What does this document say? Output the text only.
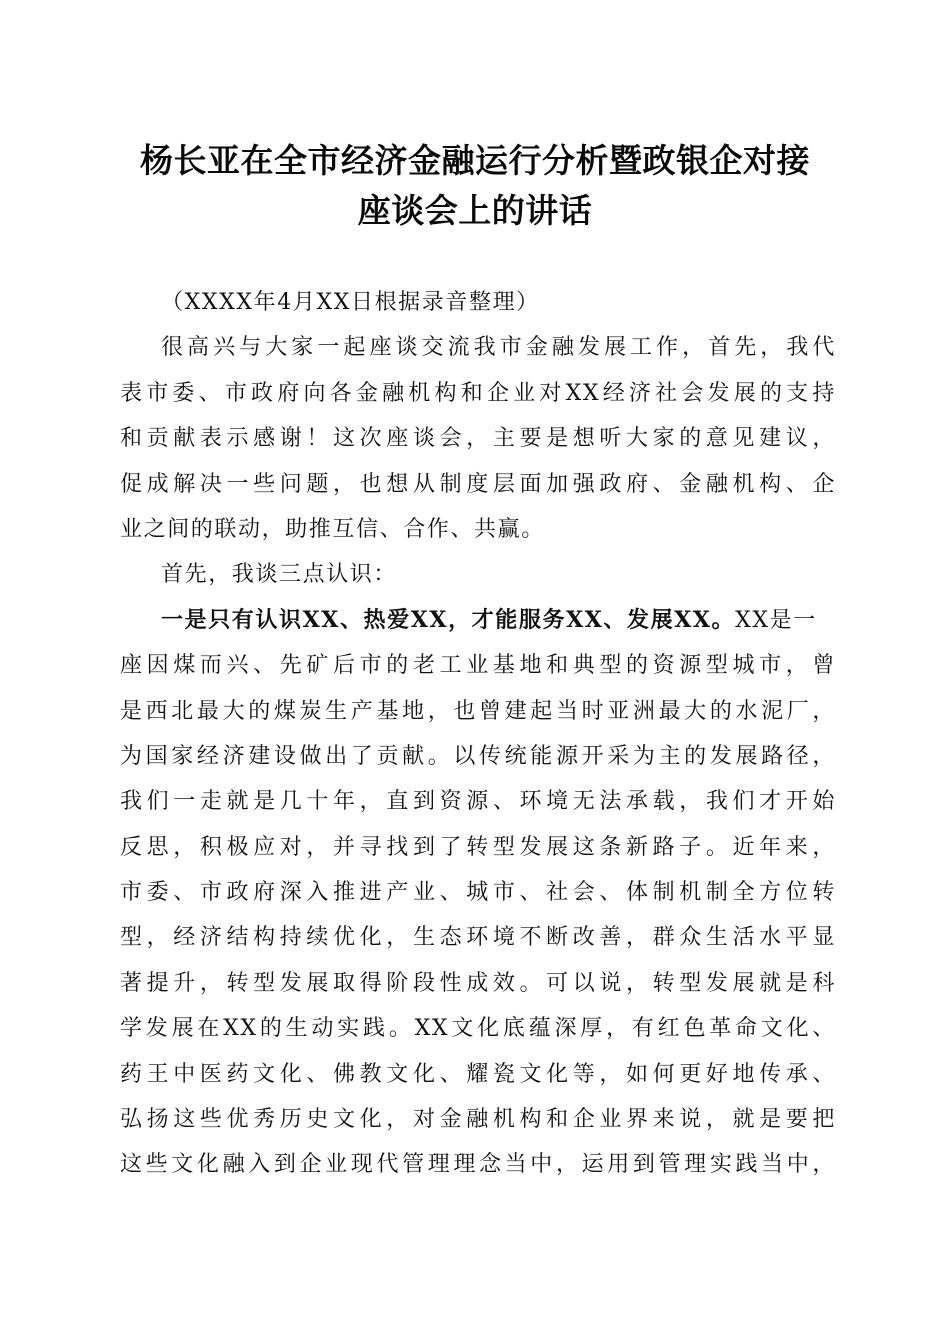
杨长亚在全市经济金融运行分析暨政银企对接
座谈会上的讲话
（XXXX年4月XX日根据录音整理）
很高兴与大家一起座谈交流我市金融发展工作，首先，我代
表市委、市政府向各金融机构和企业对XX经济社会发展的支持
和贡献表示感谢！这次座谈会，主要是想听大家的意见建议，
促成解决一些问题，也想从制度层面加强政府、金融机构、企
业之间的联动，助推互信、合作、共赢。
首先，我谈三点认识：
一是只有认识XX、热爱XX，才能服务XX、发展XX。XX是一
座因煤而兴、先矿后市的老工业基地和典型的资源型城市，曾
是西北最大的煤炭生产基地，也曾建起当时亚洲最大的水泥厂，
为国家经济建设做出了贡献。以传统能源开采为主的发展路径，
我们一走就是几十年，直到资源、环境无法承载，我们才开始
反思，积极应对，并寻找到了转型发展这条新路子。近年来，
市委、市政府深入推进产业、城市、社会、体制机制全方位转
型，经济结构持续优化，生态环境不断改善，群众生活水平显
著提升，转型发展取得阶段性成效。可以说，转型发展就是科
学发展在XX的生动实践。XX文化底蕴深厚，有红色革命文化、
药王中医药文化、佛教文化、耀瓷文化等，如何更好地传承、
弘扬这些优秀历史文化，对金融机构和企业界来说，就是要把
这些文化融入到企业现代管理理念当中，运用到管理实践当中，
